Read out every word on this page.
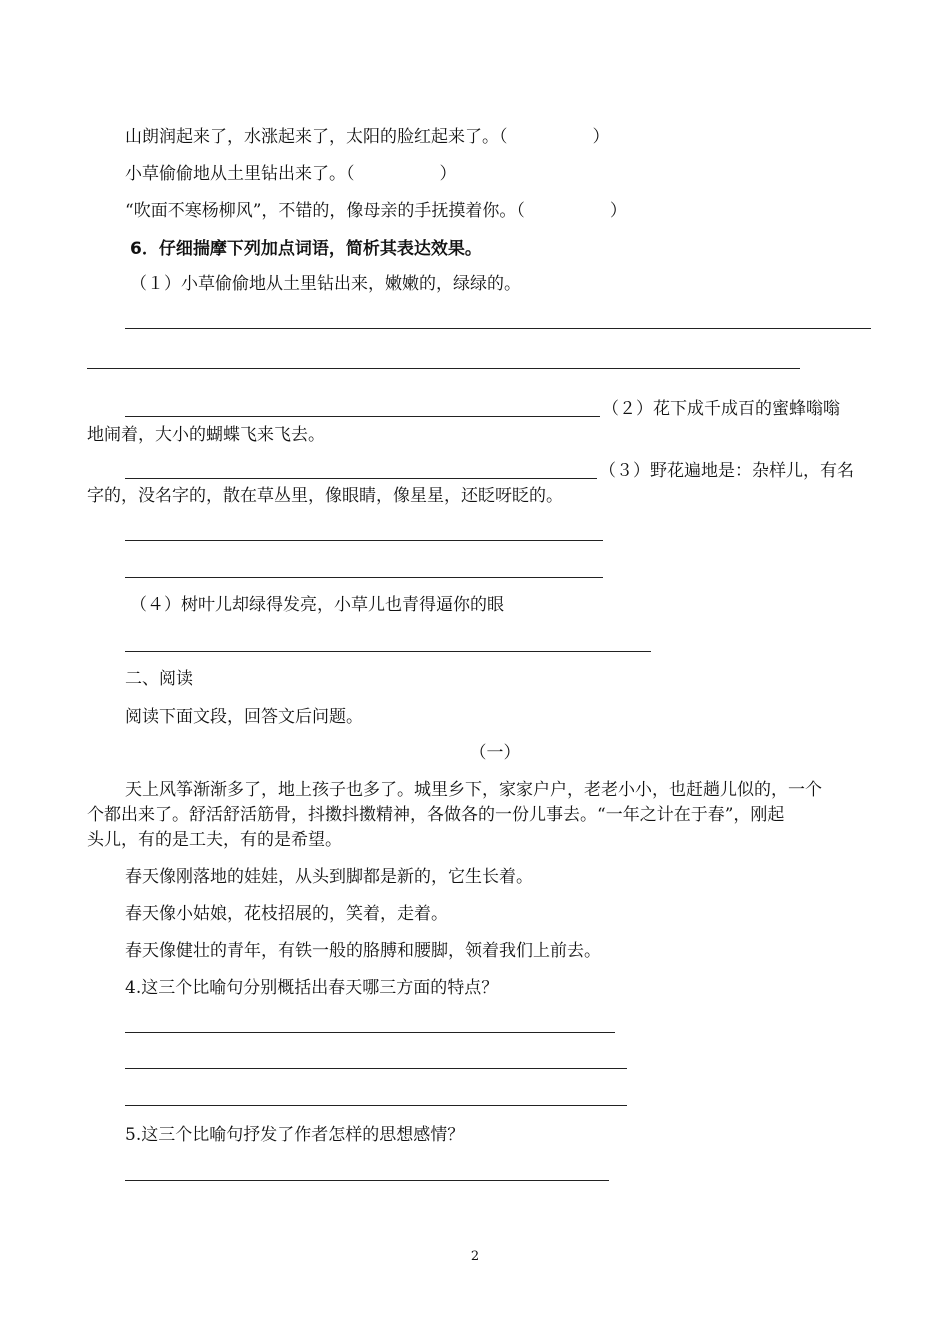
山朗润起来了，水涨起来了，太阳的脸红起来了。（　　　　　）
小草偷偷地从土里钻出来了。（　　　　　）
“吹面不寒杨柳风”，不错的，像母亲的手抚摸着你。（　　　　　）
6．仔细揣摩下列加点词语，简析其表达效果。
（１）小草偷偷地从土里钻出来，嫩嫩的，绿绿的。
（２）花下成千成百的蜜蜂嗡嗡
地闹着，大小的蝴蝶飞来飞去。
（３）野花遍地是：杂样儿，有名
字的，没名字的，散在草丛里，像眼睛，像星星，还眨呀眨的。
（４）树叶儿却绿得发亮，小草儿也青得逼你的眼
二、阅读
阅读下面文段，回答文后问题。
（一）
天上风筝渐渐多了，地上孩子也多了。城里乡下，家家户户，老老小小，也赶趟儿似的，一个
个都出来了。舒活舒活筋骨，抖擞抖擞精神，各做各的一份儿事去。“一年之计在于春”，刚起
头儿，有的是工夫，有的是希望。
春天像刚落地的娃娃，从头到脚都是新的，它生长着。
春天像小姑娘，花枝招展的，笑着，走着。
春天像健壮的青年，有铁一般的胳膊和腰脚，领着我们上前去。
4.这三个比喻句分别概括出春天哪三方面的特点？
5.这三个比喻句抒发了作者怎样的思想感情？
2
